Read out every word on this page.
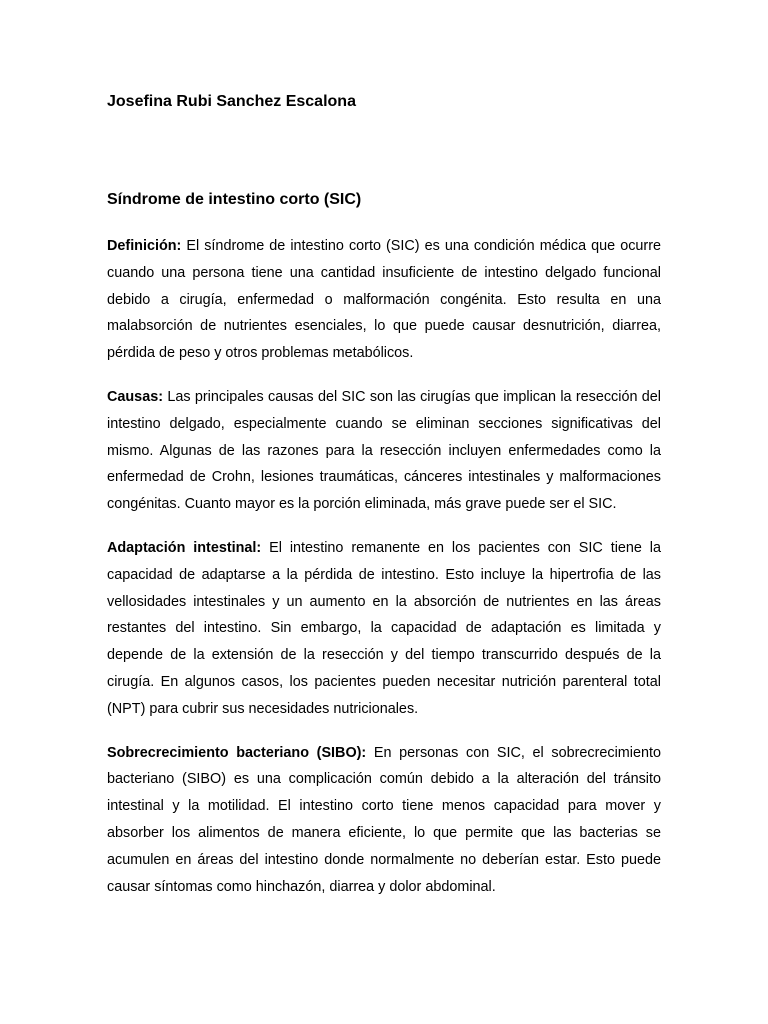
Josefina Rubi Sanchez Escalona

Síndrome de intestino corto (SIC)

Definición: El síndrome de intestino corto (SIC) es una condición médica que ocurre cuando una persona tiene una cantidad insuficiente de intestino delgado funcional debido a cirugía, enfermedad o malformación congénita. Esto resulta en una malabsorción de nutrientes esenciales, lo que puede causar desnutrición, diarrea, pérdida de peso y otros problemas metabólicos.

Causas: Las principales causas del SIC son las cirugías que implican la resección del intestino delgado, especialmente cuando se eliminan secciones significativas del mismo. Algunas de las razones para la resección incluyen enfermedades como la enfermedad de Crohn, lesiones traumáticas, cánceres intestinales y malformaciones congénitas. Cuanto mayor es la porción eliminada, más grave puede ser el SIC.

Adaptación intestinal: El intestino remanente en los pacientes con SIC tiene la capacidad de adaptarse a la pérdida de intestino. Esto incluye la hipertrofia de las vellosidades intestinales y un aumento en la absorción de nutrientes en las áreas restantes del intestino. Sin embargo, la capacidad de adaptación es limitada y depende de la extensión de la resección y del tiempo transcurrido después de la cirugía. En algunos casos, los pacientes pueden necesitar nutrición parenteral total (NPT) para cubrir sus necesidades nutricionales.

Sobrecrecimiento bacteriano (SIBO): En personas con SIC, el sobrecrecimiento bacteriano (SIBO) es una complicación común debido a la alteración del tránsito intestinal y la motilidad. El intestino corto tiene menos capacidad para mover y absorber los alimentos de manera eficiente, lo que permite que las bacterias se acumulen en áreas del intestino donde normalmente no deberían estar. Esto puede causar síntomas como hinchazón, diarrea y dolor abdominal.
